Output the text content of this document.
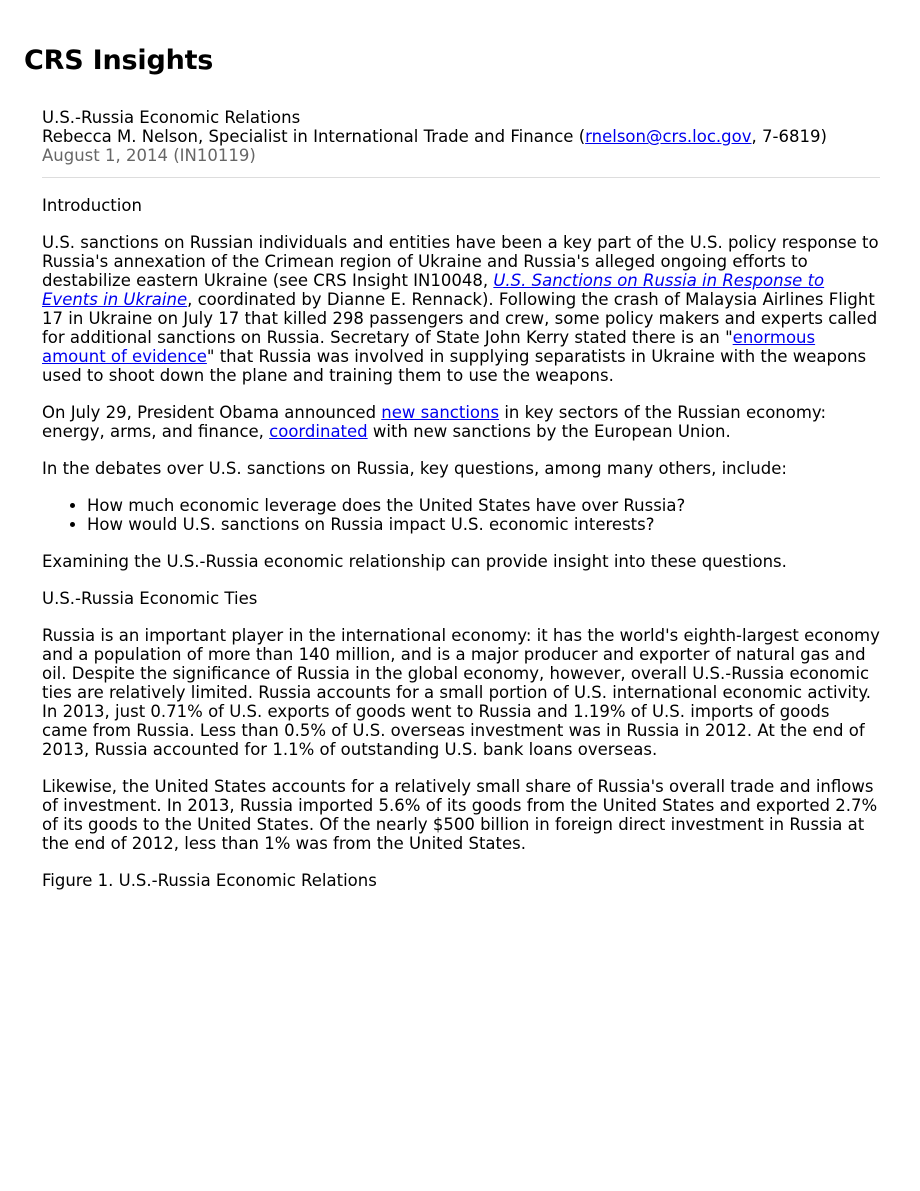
CRS Insights

U.S.-Russia Economic Relations

Rebecca M. Nelson, Specialist in International Trade and Finance (rnelson@crs.loc.gov, 7-6819)

August 1, 2014 (IN10119)

Introduction

U.S. sanctions on Russian individuals and entities have been a key part of the U.S. policy response to Russia's annexation of the Crimean region of Ukraine and Russia's alleged ongoing efforts to destabilize eastern Ukraine (see CRS Insight IN10048, U.S. Sanctions on Russia in Response to Events in Ukraine, coordinated by Dianne E. Rennack). Following the crash of Malaysia Airlines Flight 17 in Ukraine on July 17 that killed 298 passengers and crew, some policy makers and experts called for additional sanctions on Russia. Secretary of State John Kerry stated there is an "enormous amount of evidence" that Russia was involved in supplying separatists in Ukraine with the weapons used to shoot down the plane and training them to use the weapons.

On July 29, President Obama announced new sanctions in key sectors of the Russian economy: energy, arms, and finance, coordinated with new sanctions by the European Union.

In the debates over U.S. sanctions on Russia, key questions, among many others, include:

• How much economic leverage does the United States have over Russia?
• How would U.S. sanctions on Russia impact U.S. economic interests?

Examining the U.S.-Russia economic relationship can provide insight into these questions.

U.S.-Russia Economic Ties

Russia is an important player in the international economy: it has the world's eighth-largest economy and a population of more than 140 million, and is a major producer and exporter of natural gas and oil. Despite the significance of Russia in the global economy, however, overall U.S.-Russia economic ties are relatively limited. Russia accounts for a small portion of U.S. international economic activity. In 2013, just 0.71% of U.S. exports of goods went to Russia and 1.19% of U.S. imports of goods came from Russia. Less than 0.5% of U.S. overseas investment was in Russia in 2012. At the end of 2013, Russia accounted for 1.1% of outstanding U.S. bank loans overseas.

Likewise, the United States accounts for a relatively small share of Russia's overall trade and inflows of investment. In 2013, Russia imported 5.6% of its goods from the United States and exported 2.7% of its goods to the United States. Of the nearly $500 billion in foreign direct investment in Russia at the end of 2012, less than 1% was from the United States.

Figure 1. U.S.-Russia Economic Relations
